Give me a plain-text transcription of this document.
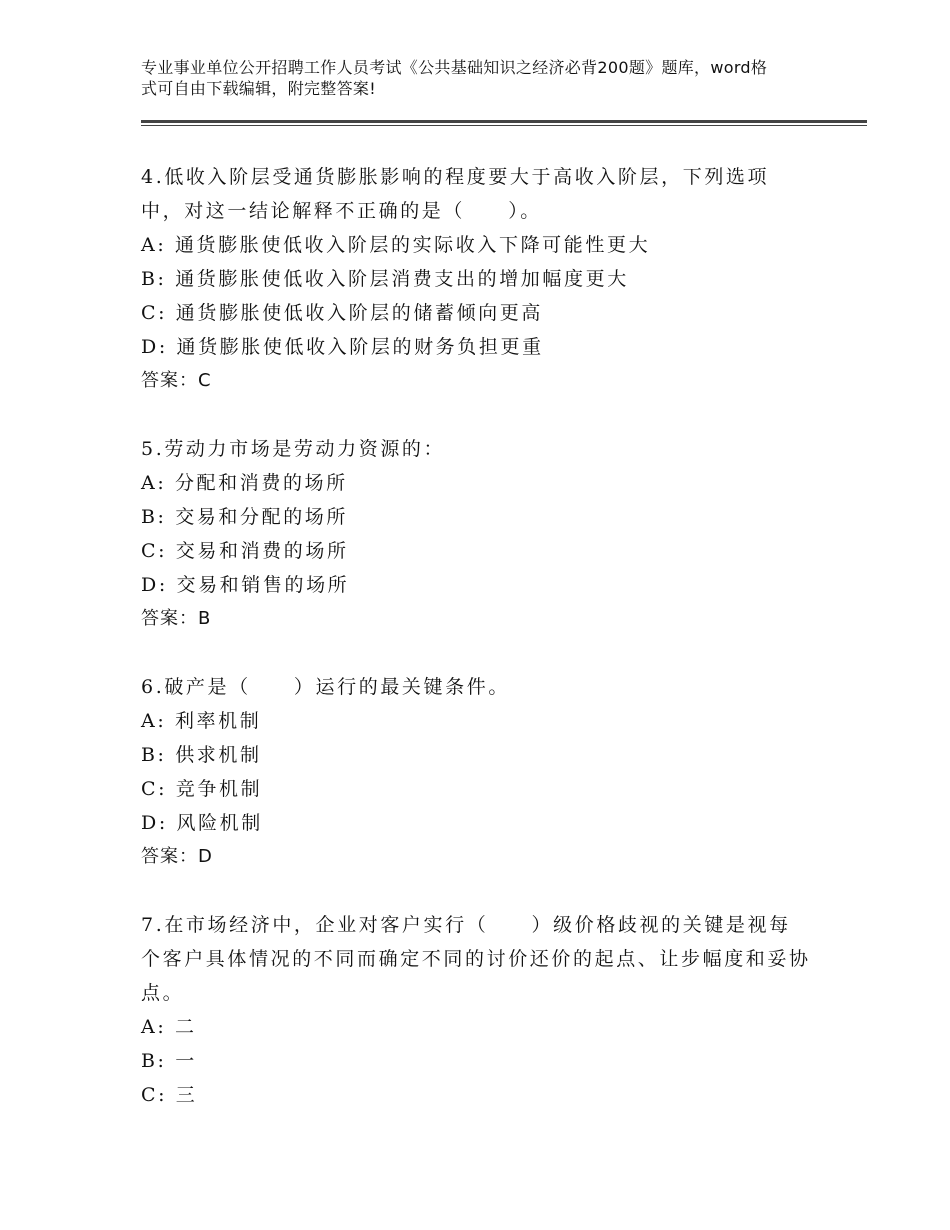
专业事业单位公开招聘工作人员考试《公共基础知识之经济必背200题》题库，word格式可自由下载编辑，附完整答案!

4.低收入阶层受通货膨胀影响的程度要大于高收入阶层，下列选项中，对这一结论解释不正确的是（　　）。

A: 通货膨胀使低收入阶层的实际收入下降可能性更大

B: 通货膨胀使低收入阶层消费支出的增加幅度更大

C: 通货膨胀使低收入阶层的储蓄倾向更高

D: 通货膨胀使低收入阶层的财务负担更重

答案：C

5.劳动力市场是劳动力资源的：

A: 分配和消费的场所

B: 交易和分配的场所

C: 交易和消费的场所

D: 交易和销售的场所

答案：B

6.破产是（　　）运行的最关键条件。

A: 利率机制

B: 供求机制

C: 竞争机制

D: 风险机制

答案：D

7.在市场经济中，企业对客户实行（　　）级价格歧视的关键是视每个客户具体情况的不同而确定不同的讨价还价的起点、让步幅度和妥协点。

A: 二

B: 一

C: 三
